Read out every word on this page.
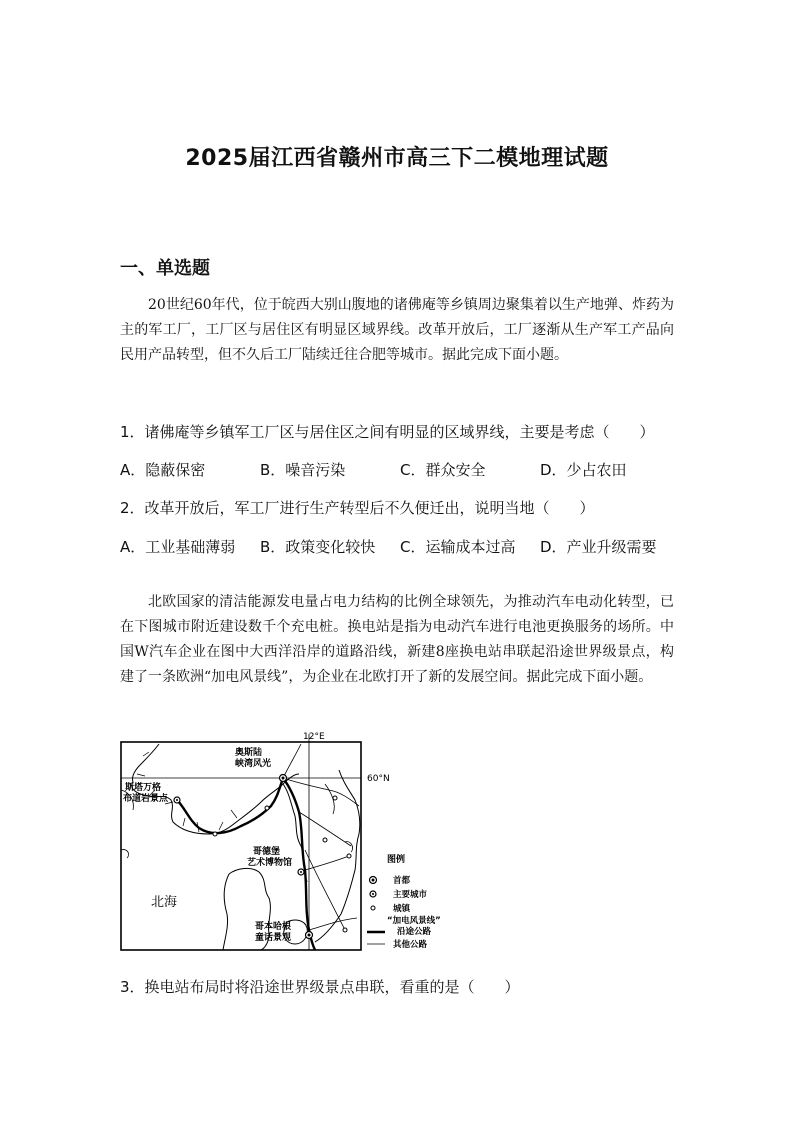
2025届江西省赣州市高三下二模地理试题
一、单选题
20世纪60年代，位于皖西大别山腹地的诸佛庵等乡镇周边聚集着以生产地弹、炸药为主的军工厂，工厂区与居住区有明显区域界线。改革开放后，工厂逐渐从生产军工产品向民用产品转型，但不久后工厂陆续迁往合肥等城市。据此完成下面小题。
1．诸佛庵等乡镇军工厂区与居住区之间有明显的区域界线，主要是考虑（　　）
A．隐蔽保密	B．噪音污染	C．群众安全	D．少占农田
2．改革开放后，军工厂进行生产转型后不久便迁出，说明当地（　　）
A．工业基础薄弱	B．政策变化较快	C．运输成本过高	D．产业升级需要
北欧国家的清洁能源发电量占电力结构的比例全球领先，为推动汽车电动化转型，已在下图城市附近建设数千个充电桩。换电站是指为电动汽车进行电池更换服务的场所。中国W汽车企业在图中大西洋沿岸的道路沿线，新建8座换电站串联起沿途世界级景点，构建了一条欧洲“加电风景线”，为企业在北欧打开了新的发展空间。据此完成下面小题。
12°E
60°N
奥斯陆
峡湾风光
斯塔万格
布道岩景点
哥德堡
艺术博物馆
哥本哈根
童话景观
北海
图例
首都
主要城市
城镇
“加电风景线”
沿途公路
其他公路
3．换电站布局时将沿途世界级景点串联，看重的是（　　）
